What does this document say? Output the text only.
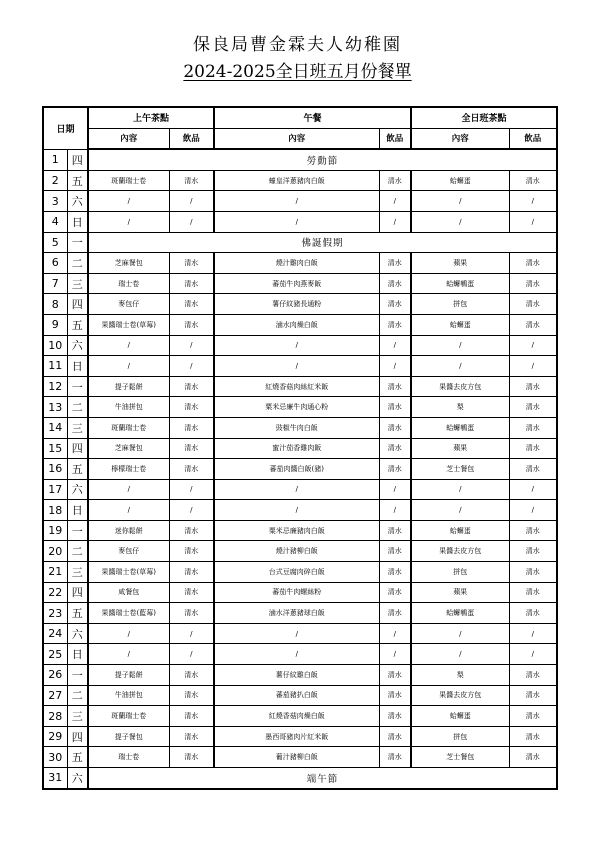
保良局曹金霖夫人幼稚園
2024-2025全日班五月份餐單
日期		上午茶點		午餐		全日班茶點	
		內容	飲品	內容	飲品	內容	飲品
1	四	勞動節					
2	五	斑蘭瑞士卷	清水	蠔皇洋蔥豬肉白飯	清水	蛤蠏蛋	清水
3	六	/	/	/	/	/	/
4	日	/	/	/	/	/	/
5	一	佛誕假期					
6	二	芝麻餐包	清水	燒汁雞肉白飯	清水	蘋果	清水
7	三	瑞士卷	清水	蕃茄牛肉燕麥飯	清水	蛤蠏鵪蛋	清水
8	四	麥包仔	清水	薯仔紋豬長通粉	清水	拼包	清水
9	五	果醬瑞士卷(草莓)	清水	滷水肉燥白飯	清水	蛤蠏蛋	清水
10	六	/	/	/	/	/	/
11	日	/	/	/	/	/	/
12	一	提子鬆餅	清水	紅燒香菇肉絲紅米飯	清水	果醬去皮方包	清水
13	二	牛油拼包	清水	粟米忌廉牛肉通心粉	清水	梨	清水
14	三	斑蘭瑞士卷	清水	豉椒牛肉白飯	清水	蛤蠏鵪蛋	清水
15	四	芝麻餐包	清水	蜜汁茄香雞肉飯	清水	蘋果	清水
16	五	檸檬瑞士卷	清水	蕃茄肉醬白飯(豬)	清水	芝士餐包	清水
17	六	/	/	/	/	/	/
18	日	/	/	/	/	/	/
19	一	迷你鬆餅	清水	粟米忌廉豬肉白飯	清水	蛤蠏蛋	清水
20	二	麥包仔	清水	燒汁豬柳白飯	清水	果醬去皮方包	清水
21	三	果醬瑞士卷(草莓)	清水	台式豆腐肉碎白飯	清水	拼包	清水
22	四	咸餐包	清水	蕃茄牛肉螺絲粉	清水	蘋果	清水
23	五	果醬瑞士卷(藍莓)	清水	滷水洋蔥豬球白飯	清水	蛤蠏鵪蛋	清水
24	六	/	/	/	/	/	/
25	日	/	/	/	/	/	/
26	一	提子鬆餅	清水	薯仔紋雞白飯	清水	梨	清水
27	二	牛油拼包	清水	蕃茄豬扒白飯	清水	果醬去皮方包	清水
28	三	斑蘭瑞士卷	清水	紅燒香菇肉燥白飯	清水	蛤蠏蛋	清水
29	四	提子餐包	清水	墨西哥豬肉片紅米飯	清水	拼包	清水
30	五	瑞士卷	清水	葡汁豬柳白飯	清水	芝士餐包	清水
31	六	端午節					
